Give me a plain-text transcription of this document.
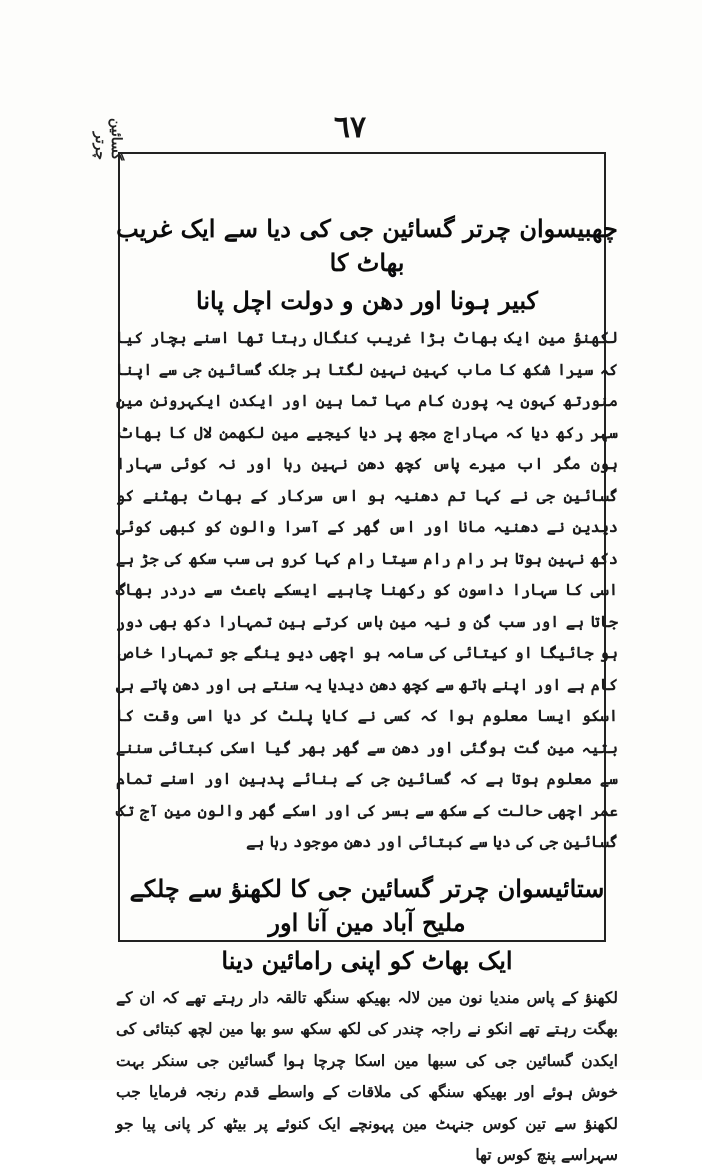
گسائین چرتر
٦٧
چھبیسوان چرتر گسائین جی کی دیا سے ایک غریب بھاٹ کا
کبیر ہونا اور دھن و دولت اچل پانا

لکھنؤ مین ایک بھاٹ بڑا غریب کنگال رہتا تھا اسنے بچار کیا کہ سیرا شکھ کا ماب کہین نہین لگتا ہر جلک گسائین جی سے اپنا منورتھ کہون یہ پورن کام مہا تما ہین اور ایکدن ایکہرونن مین سہر رکھ دیا کہ مہاراج مجھ پر دیا کیجیے مین لکھمن لال کا بھاٹ ہون مگر اب میرے پاس کچھ دھن نہین رہا اور نہ کوئی سہارا گسائین جی نے کہا تم دھنیہ ہو اس سرکار کے بھاٹ بھٹنے کو دیدین نے دھنیہ مانا اور اس گھر کے آسرا والون کو کبھی کوئی دکھ نہین ہوتا ہر رام رام سیتا رام کہا کرو ہی سب سکھ کی جڑ ہے اسی کا سہارا داسون کو رکھنا چاہیے ایسکے باعث سے دردر بھاگ جاتا ہے اور سب گن و نیہ مین باس کرتے ہین تمہارا دکھ بھی دور ہو جائیگا او کیتائی کی سامہ ہو اچھی دیو ینگے جو تمہارا خاص کام ہے اور اپنے ہاتھ سے کچھ دھن دیدیا یہ سنتے ہی اور دھن پاتے ہی اسکو ایسا معلوم ہوا کہ کسی نے کایا پلٹ کر دیا اسی وقت کا بتیہ مین گت ہوگئی اور دھن سے گھر بھر گیا اسکی کبتائی سننے سے معلوم ہوتا ہے کہ گسائین جی کے بنائے پدہین اور اسنے تمام عمر اچھی حالت کے سکھ سے بسر کی اور اسکے گھر والون مین آج تک گسائین جی کی دیا سے کبتائی اور دھن موجود رہا ہے

ستائیسوان چرتر گسائین جی کا لکھنؤ سے چلکے ملیح آباد مین آنا اور
ایک بھاٹ کو اپنی رامائین دینا

لکھنؤ کے پاس مندیا نون مین لالہ بھیکھ سنگھ تالقہ دار رہتے تھے کہ ان کے بھگت رہتے تھے انکو نے راجہ چندر کی لکھ سکھ سو بھا مین لچھ کبتائی کی ایکدن گسائین جی کی سبھا مین اسکا چرچا ہوا گسائین جی سنکر بہت خوش ہوئے اور بھیکھ سنگھ کی ملاقات کے واسطے قدم رنجہ فرمایا جب لکھنؤ سے تین کوس جنہٹ مین پہونچے ایک کنوئے پر بیٹھ کر پانی پیا جو سہراسے پنچ کوس تھا
